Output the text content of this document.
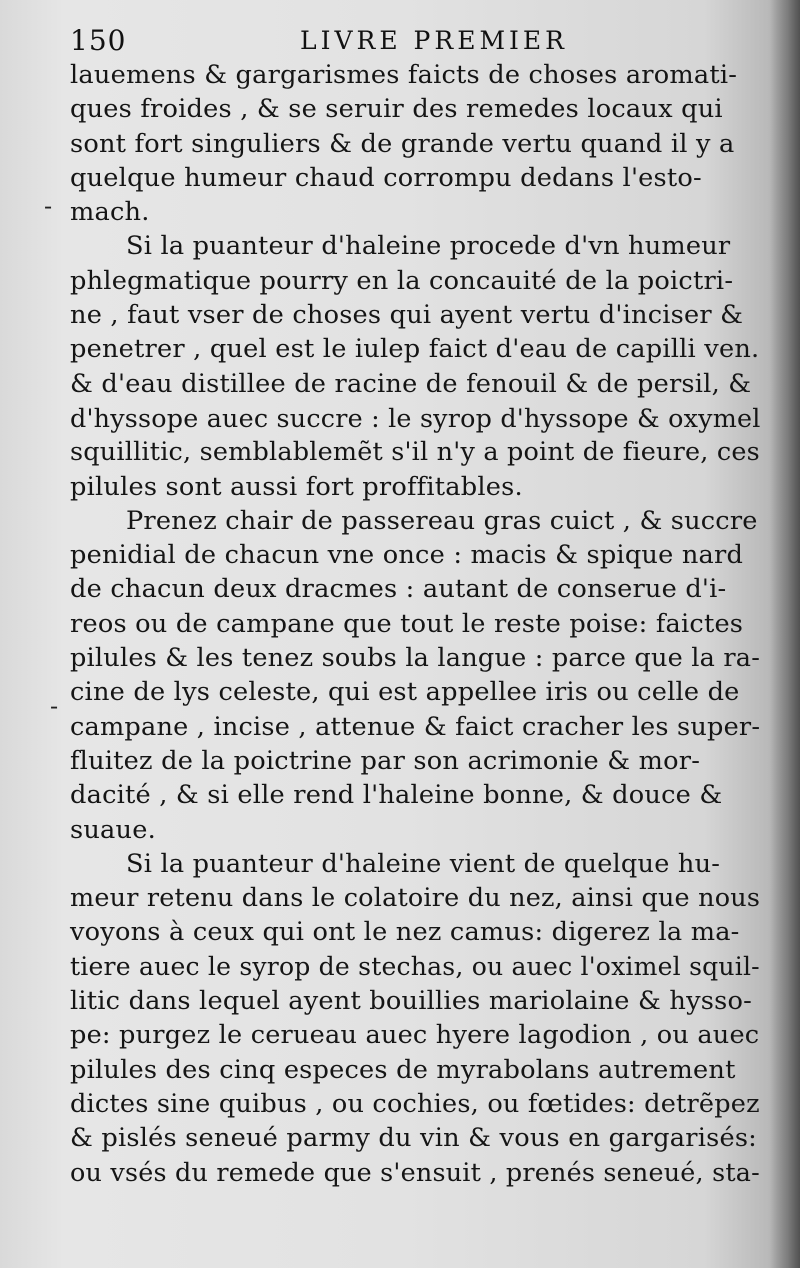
150	LIVRE PREMIER
-
-
lauemens & gargarismes faicts de choses aromati-
ques froides , & se seruir des remedes locaux qui
sont fort singuliers & de grande vertu quand il y a
quelque humeur chaud corrompu dedans l'esto-
mach.
Si la puanteur d'haleine procede d'vn humeur
phlegmatique pourry en la concauité de la poictri-
ne , faut vser de choses qui ayent vertu d'inciser &
penetrer , quel est le iulep faict d'eau de capilli ven.
& d'eau distillee de racine de fenouil & de persil, &
d'hyssope auec succre : le syrop d'hyssope & oxymel
squillitic, semblablemẽt s'il n'y a point de fieure, ces
pilules sont aussi fort proffitables.
Prenez chair de passereau gras cuict , & succre
penidial de chacun vne once : macis & spique nard
de chacun deux dracmes : autant de conserue d'i-
reos ou de campane que tout le reste poise: faictes
pilules & les tenez soubs la langue : parce que la ra-
cine de lys celeste, qui est appellee iris ou celle de
campane , incise , attenue & faict cracher les super-
fluitez de la poictrine par son acrimonie & mor-
dacité , & si elle rend l'haleine bonne, & douce &
suaue.
Si la puanteur d'haleine vient de quelque hu-
meur retenu dans le colatoire du nez, ainsi que nous
voyons à ceux qui ont le nez camus: digerez la ma-
tiere auec le syrop de stechas, ou auec l'oximel squil-
litic dans lequel ayent bouillies mariolaine & hysso-
pe: purgez le cerueau auec hyere lagodion , ou auec
pilules des cinq especes de myrabolans autrement
dictes sine quibus , ou cochies, ou fœtides: detrẽpez
& pislés seneué parmy du vin & vous en gargarisés:
ou vsés du remede que s'ensuit , prenés seneué, sta-
